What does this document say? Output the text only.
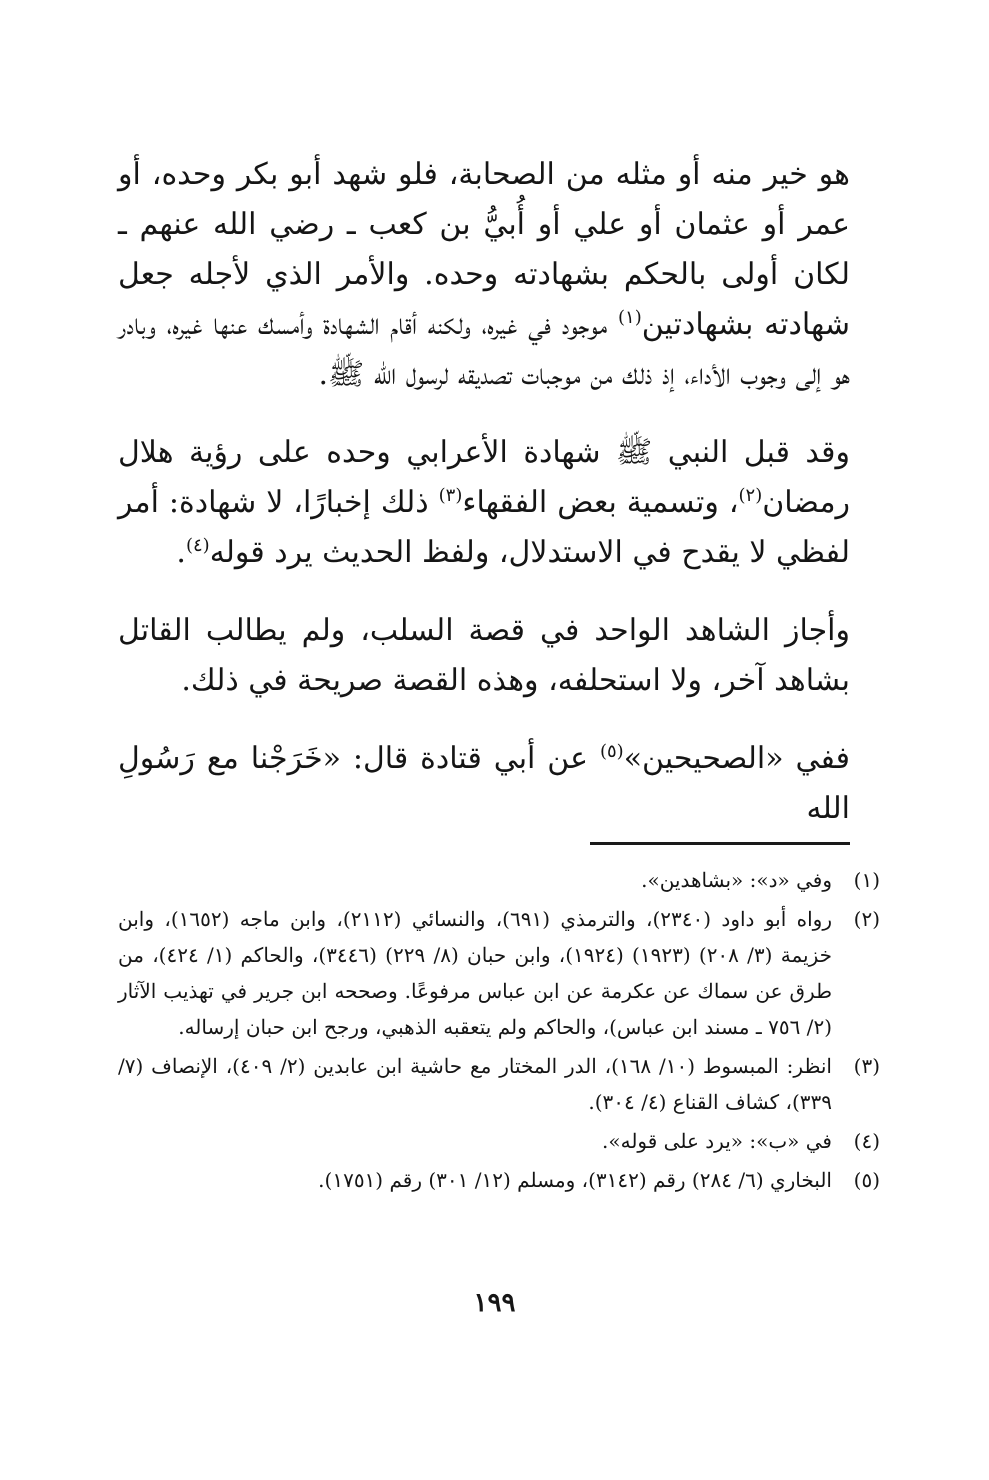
هو خير منه أو مثله من الصحابة، فلو شهد أبو بكر وحده، أو عمر أو عثمان أو علي أو أُبيُّ بن كعب ـ رضي الله عنهم ـ لكان أولى بالحكم بشهادته وحده. والأمر الذي لأجله جعل شهادته بشهادتين$^{(١)}$ موجود في غيره، ولكنه أقام الشهادة وأمسك عنها غيره، وبادر هو إلى وجوب الأداء، إذ ذلك من موجبات تصديقه لرسول الله ﷺ.

وقد قبل النبي ﷺ شهادة الأعرابي وحده على رؤية هلال رمضان$^{(٢)}$، وتسمية بعض الفقهاء$^{(٣)}$ ذلك إخبارًا، لا شهادة: أمر لفظي لا يقدح في الاستدلال، ولفظ الحديث يرد قوله$^{(٤)}$.

وأجاز الشاهد الواحد في قصة السلب، ولم يطالب القاتل بشاهد آخر، ولا استحلفه، وهذه القصة صريحة في ذلك.

ففي «الصحيحين»$^{(٥)}$ عن أبي قتادة قال: «خَرَجْنا مع رَسُولِ الله

(١)
وفي «د»: «بشاهدين».
(٢)
رواه أبو داود (٢٣٤٠)، والترمذي (٦٩١)، والنسائي (٢١١٢)، وابن ماجه (١٦٥٢)، وابن خزيمة (٣/ ٢٠٨) (١٩٢٣) (١٩٢٤)، وابن حبان (٨/ ٢٢٩) (٣٤٤٦)، والحاكم (١/ ٤٢٤)، من طرق عن سماك عن عكرمة عن ابن عباس مرفوعًا. وصححه ابن جرير في تهذيب الآثار (٢/ ٧٥٦ ـ مسند ابن عباس)، والحاكم ولم يتعقبه الذهبي، ورجح ابن حبان إرساله.
(٣)
انظر: المبسوط (١٠/ ١٦٨)، الدر المختار مع حاشية ابن عابدين (٢/ ٤٠٩)، الإنصاف (٧/ ٣٣٩)، كشاف القناع (٤/ ٣٠٤).
(٤)
في «ب»: «يرد على قوله».
(٥)
البخاري (٦/ ٢٨٤) رقم (٣١٤٢)، ومسلم (١٢/ ٣٠١) رقم (١٧٥١).
١٩٩
